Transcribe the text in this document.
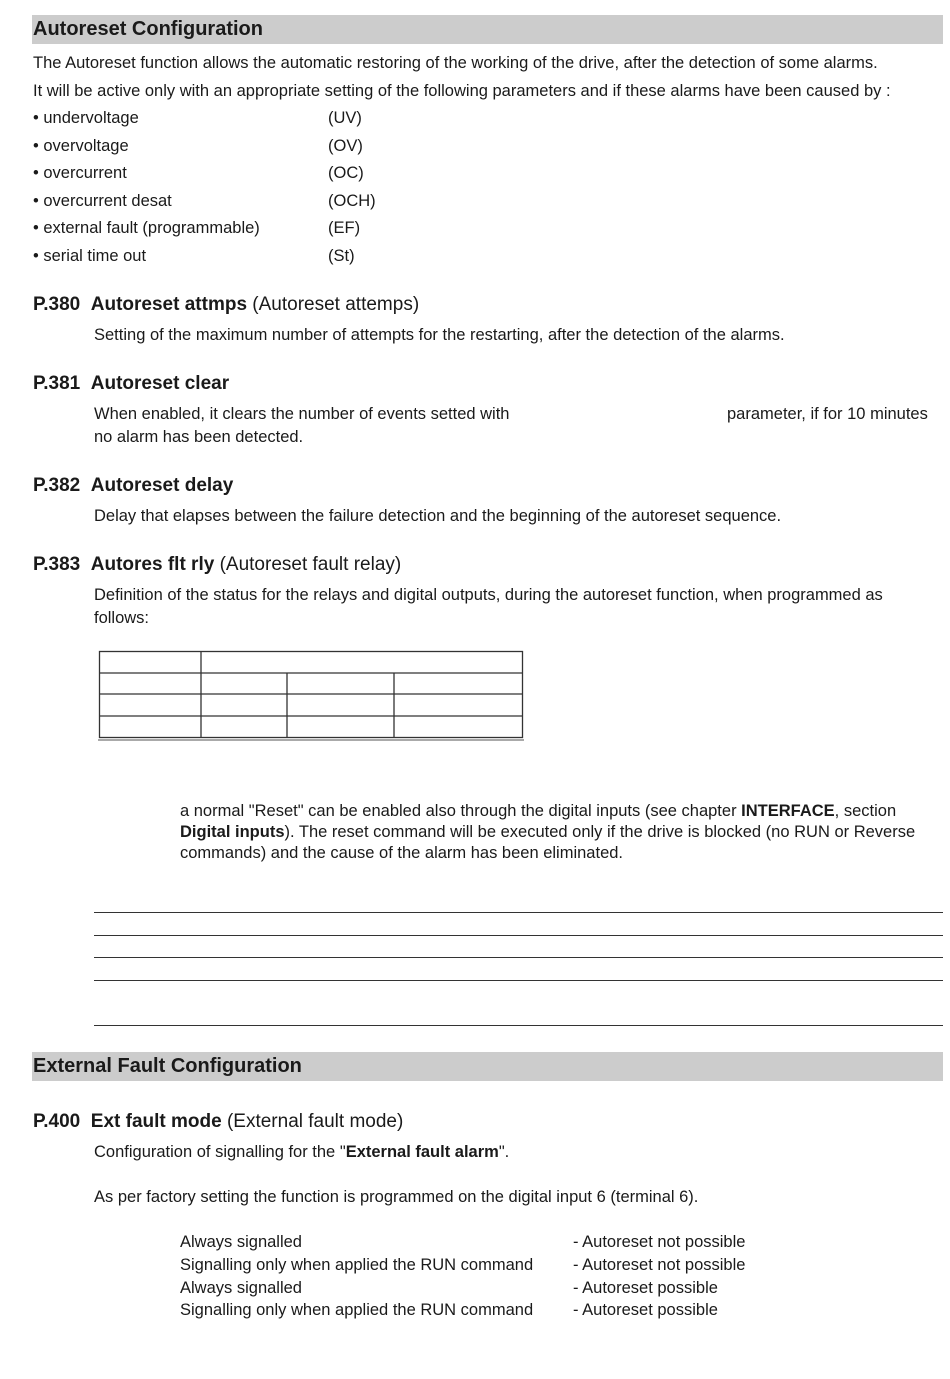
Autoreset Configuration
The Autoreset function allows the automatic restoring of the working of the drive, after the detection of some alarms.
It will be active only with an appropriate setting of the following parameters and if these alarms have been caused by :
• undervoltage	(UV)
• overvoltage	(OV)
• overcurrent	(OC)
• overcurrent desat	(OCH)
• external fault (programmable)	(EF)
• serial time out	(St)
P.380 Autoreset attmps (Autoreset attemps)
Setting of the maximum number of attempts for the restarting, after the detection of the alarms.
P.381 Autoreset clear
When enabled, it clears the number of events setted with	parameter, if for 10 minutes
no alarm has been detected.
P.382 Autoreset delay
Delay that elapses between the failure detection and the beginning of the autoreset sequence.
P.383 Autores flt rly (Autoreset fault relay)
Definition of the status for the relays and digital outputs, during the autoreset function, when programmed as
follows:
a normal "Reset" can be enabled also through the digital inputs (see chapter INTERFACE, section
Digital inputs). The reset command will be executed only if the drive is blocked (no RUN or Reverse
commands) and the cause of the alarm has been eliminated.
External Fault Configuration
P.400 Ext fault mode (External fault mode)
Configuration of signalling for the "External fault alarm".
As per factory setting the function is programmed on the digital input 6 (terminal 6).
Always signalled	- Autoreset not possible
Signalling only when applied the RUN command - Autoreset not possible
Always signalled	- Autoreset possible
Signalling only when applied the RUN command - Autoreset possible
